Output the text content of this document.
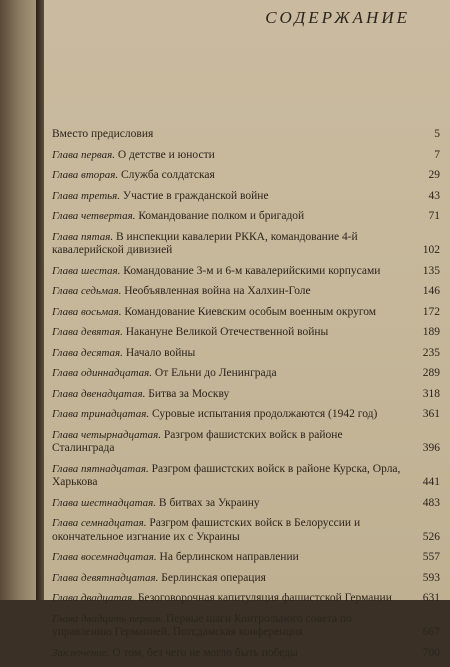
СОДЕРЖАНИЕ
Вместо предисловия	5
Глава первая. О детстве и юности	7
Глава вторая. Служба солдатская	29
Глава третья. Участие в гражданской войне	43
Глава четвертая. Командование полком и бригадой	71
Глава пятая. В инспекции кавалерии РККА, командование 4-й кавалерийской дивизией	102
Глава шестая. Командование 3-м и 6-м кавалерийскими корпусами	135
Глава седьмая. Необъявленная война на Халхин-Голе	146
Глава восьмая. Командование Киевским особым военным округом	172
Глава девятая. Накануне Великой Отечественной войны	189
Глава десятая. Начало войны	235
Глава одиннадцатая. От Ельни до Ленинграда	289
Глава двенадцатая. Битва за Москву	318
Глава тринадцатая. Суровые испытания продолжаются (1942 год)	361
Глава четырнадцатая. Разгром фашистских войск в районе Сталинграда	396
Глава пятнадцатая. Разгром фашистских войск в районе Курска, Орла, Харькова	441
Глава шестнадцатая. В битвах за Украину	483
Глава семнадцатая. Разгром фашистских войск в Белоруссии и окончательное изгнание их с Украины	526
Глава восемнадцатая. На берлинском направлении	557
Глава девятнадцатая. Берлинская операция	593
Глава двадцатая. Безоговорочная капитуляция фашистской Германии	631
Глава двадцать первая. Первые шаги Контрольного совета по управлению Германией. Потсдамская конференция	667
Заключение. О том, без чего не могло быть победы	700
